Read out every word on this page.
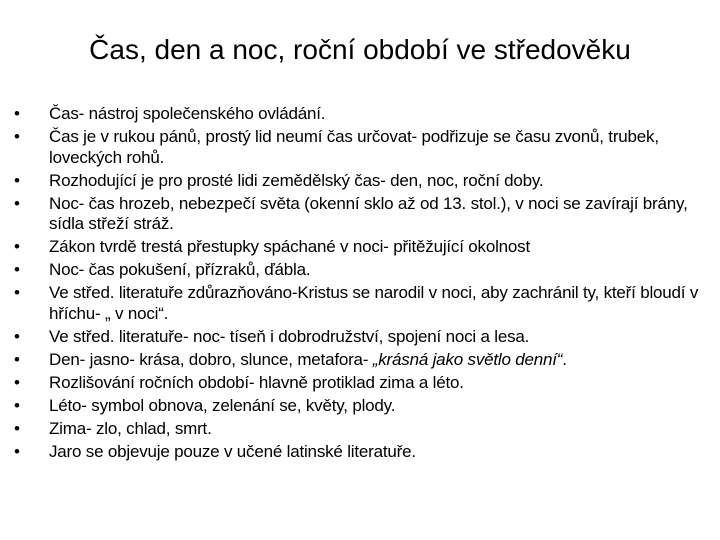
Čas, den a noc, roční období ve středověku
• Čas- nástroj společenského ovládání.
• Čas je v rukou pánů, prostý lid neumí čas určovat- podřizuje se času zvonů, trubek, loveckých rohů.
• Rozhodující je pro prosté lidi zemědělský čas- den, noc, roční doby.
• Noc- čas hrozeb, nebezpečí světa (okenní sklo až od 13. stol.), v noci se zavírají brány, sídla střeží stráž.
• Zákon tvrdě trestá přestupky spáchané v noci- přitěžující okolnost
• Noc- čas pokušení, přízraků, ďábla.
• Ve střed. literatuře zdůrazňováno-Kristus se narodil v noci, aby zachránil ty, kteří bloudí v hříchu- „ v noci“.
• Ve střed. literatuře- noc- tíseň i dobrodružství, spojení noci a lesa.
• Den- jasno- krása, dobro, slunce, metafora- „krásná jako světlo denní“.
• Rozlišování ročních období- hlavně protiklad zima a léto.
• Léto- symbol obnova, zelenání se, květy, plody.
• Zima- zlo, chlad, smrt.
• Jaro se objevuje pouze v učené latinské literatuře.
